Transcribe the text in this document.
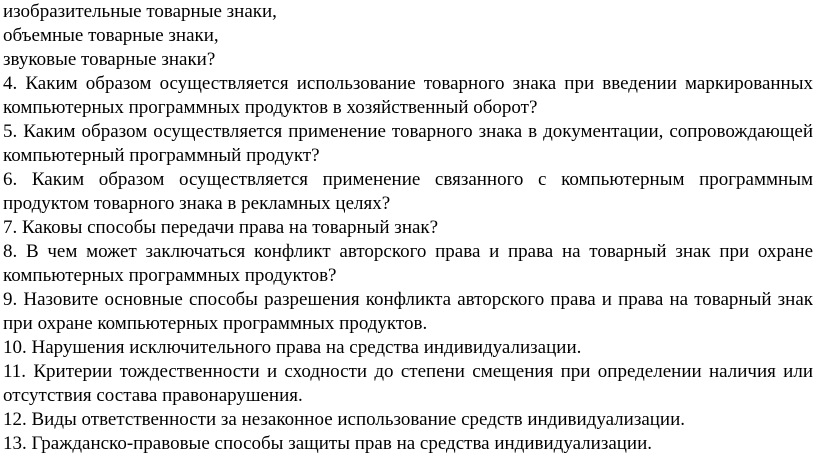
изобразительные товарные знаки,

объемные товарные знаки,

звуковые товарные знаки?

4. Каким образом осуществляется использование товарного знака при введении маркированных компьютерных программных продуктов в хозяйственный оборот?

5. Каким образом осуществляется применение товарного знака в документации, сопровождающей компьютерный программный продукт?

6. Каким образом осуществляется применение связанного с компьютерным программным продуктом товарного знака в рекламных целях?

7. Каковы способы передачи права на товарный знак?

8. В чем может заключаться конфликт авторского права и права на товарный знак при охране компьютерных программных продуктов?

9. Назовите основные способы разрешения конфликта авторского права и права на товарный знак при охране компьютерных программных продуктов.

10. Нарушения исключительного права на средства индивидуализации.

11. Критерии тождественности и сходности до степени смещения при определении наличия или отсутствия состава правонарушения.

12. Виды ответственности за незаконное использование средств индивидуализации.

13. Гражданско-правовые способы защиты прав на средства индивидуализации.
